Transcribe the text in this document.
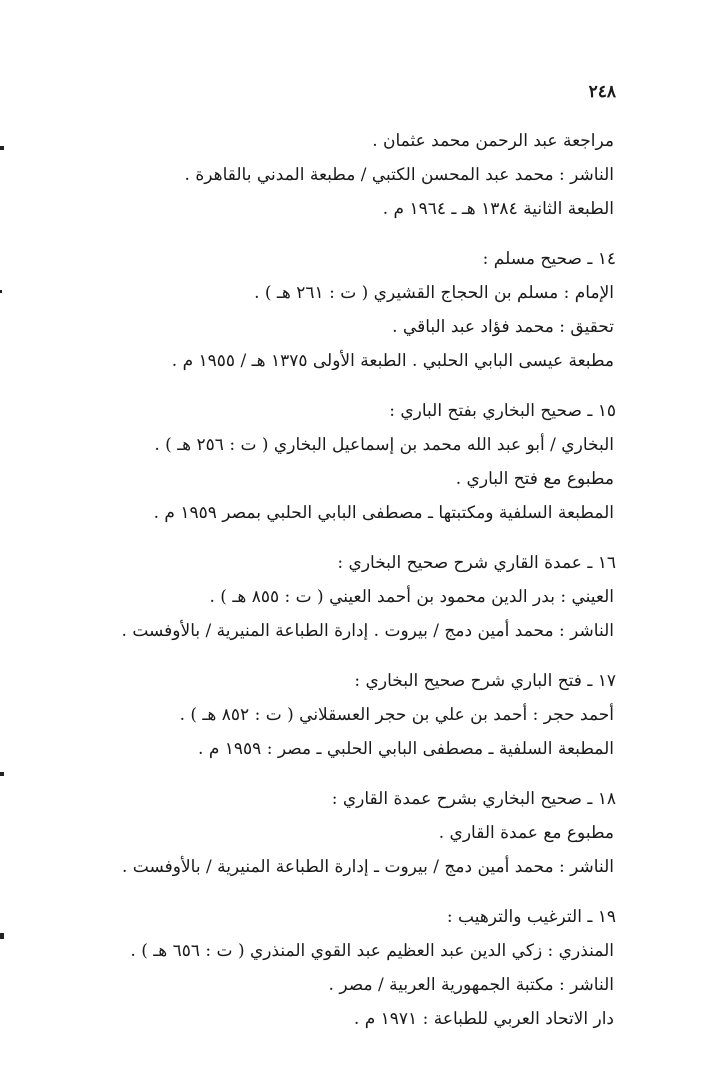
٢٤٨
مراجعة عبد الرحمن محمد عثمان .
الناشر : محمد عبد المحسن الكتبي / مطبعة المدني بالقاهرة .
الطبعة الثانية ١٣٨٤ هـ ـ ١٩٦٤ م .
١٤ ـ صحيح مسلم :
الإمام : مسلم بن الحجاج القشيري ( ت : ٢٦١ هـ ) .
تحقيق : محمد فؤاد عبد الباقي .
مطبعة عيسى البابي الحلبي . الطبعة الأولى ١٣٧٥ هـ / ١٩٥٥ م .
١٥ ـ صحيح البخاري بفتح الباري :
البخاري / أبو عبد الله محمد بن إسماعيل البخاري ( ت : ٢٥٦ هـ ) .
مطبوع مع فتح الباري .
المطبعة السلفية ومكتبتها ـ مصطفى البابي الحلبي بمصر ١٩٥٩ م .
١٦ ـ عمدة القاري شرح صحيح البخاري :
العيني : بدر الدين محمود بن أحمد العيني ( ت : ٨٥٥ هـ ) .
الناشر : محمد أمين دمج / بيروت . إدارة الطباعة المنيرية / بالأوفست .
١٧ ـ فتح الباري شرح صحيح البخاري :
أحمد حجر : أحمد بن علي بن حجر العسقلاني ( ت : ٨٥٢ هـ ) .
المطبعة السلفية ـ مصطفى البابي الحلبي ـ مصر : ١٩٥٩ م .
١٨ ـ صحيح البخاري بشرح عمدة القاري :
مطبوع مع عمدة القاري .
الناشر : محمد أمين دمج / بيروت ـ إدارة الطباعة المنيرية / بالأوفست .
١٩ ـ الترغيب والترهيب :
المنذري : زكي الدين عبد العظيم عبد القوي المنذري ( ت : ٦٥٦ هـ ) .
الناشر : مكتبة الجمهورية العربية / مصر .
دار الاتحاد العربي للطباعة : ١٩٧١ م .
